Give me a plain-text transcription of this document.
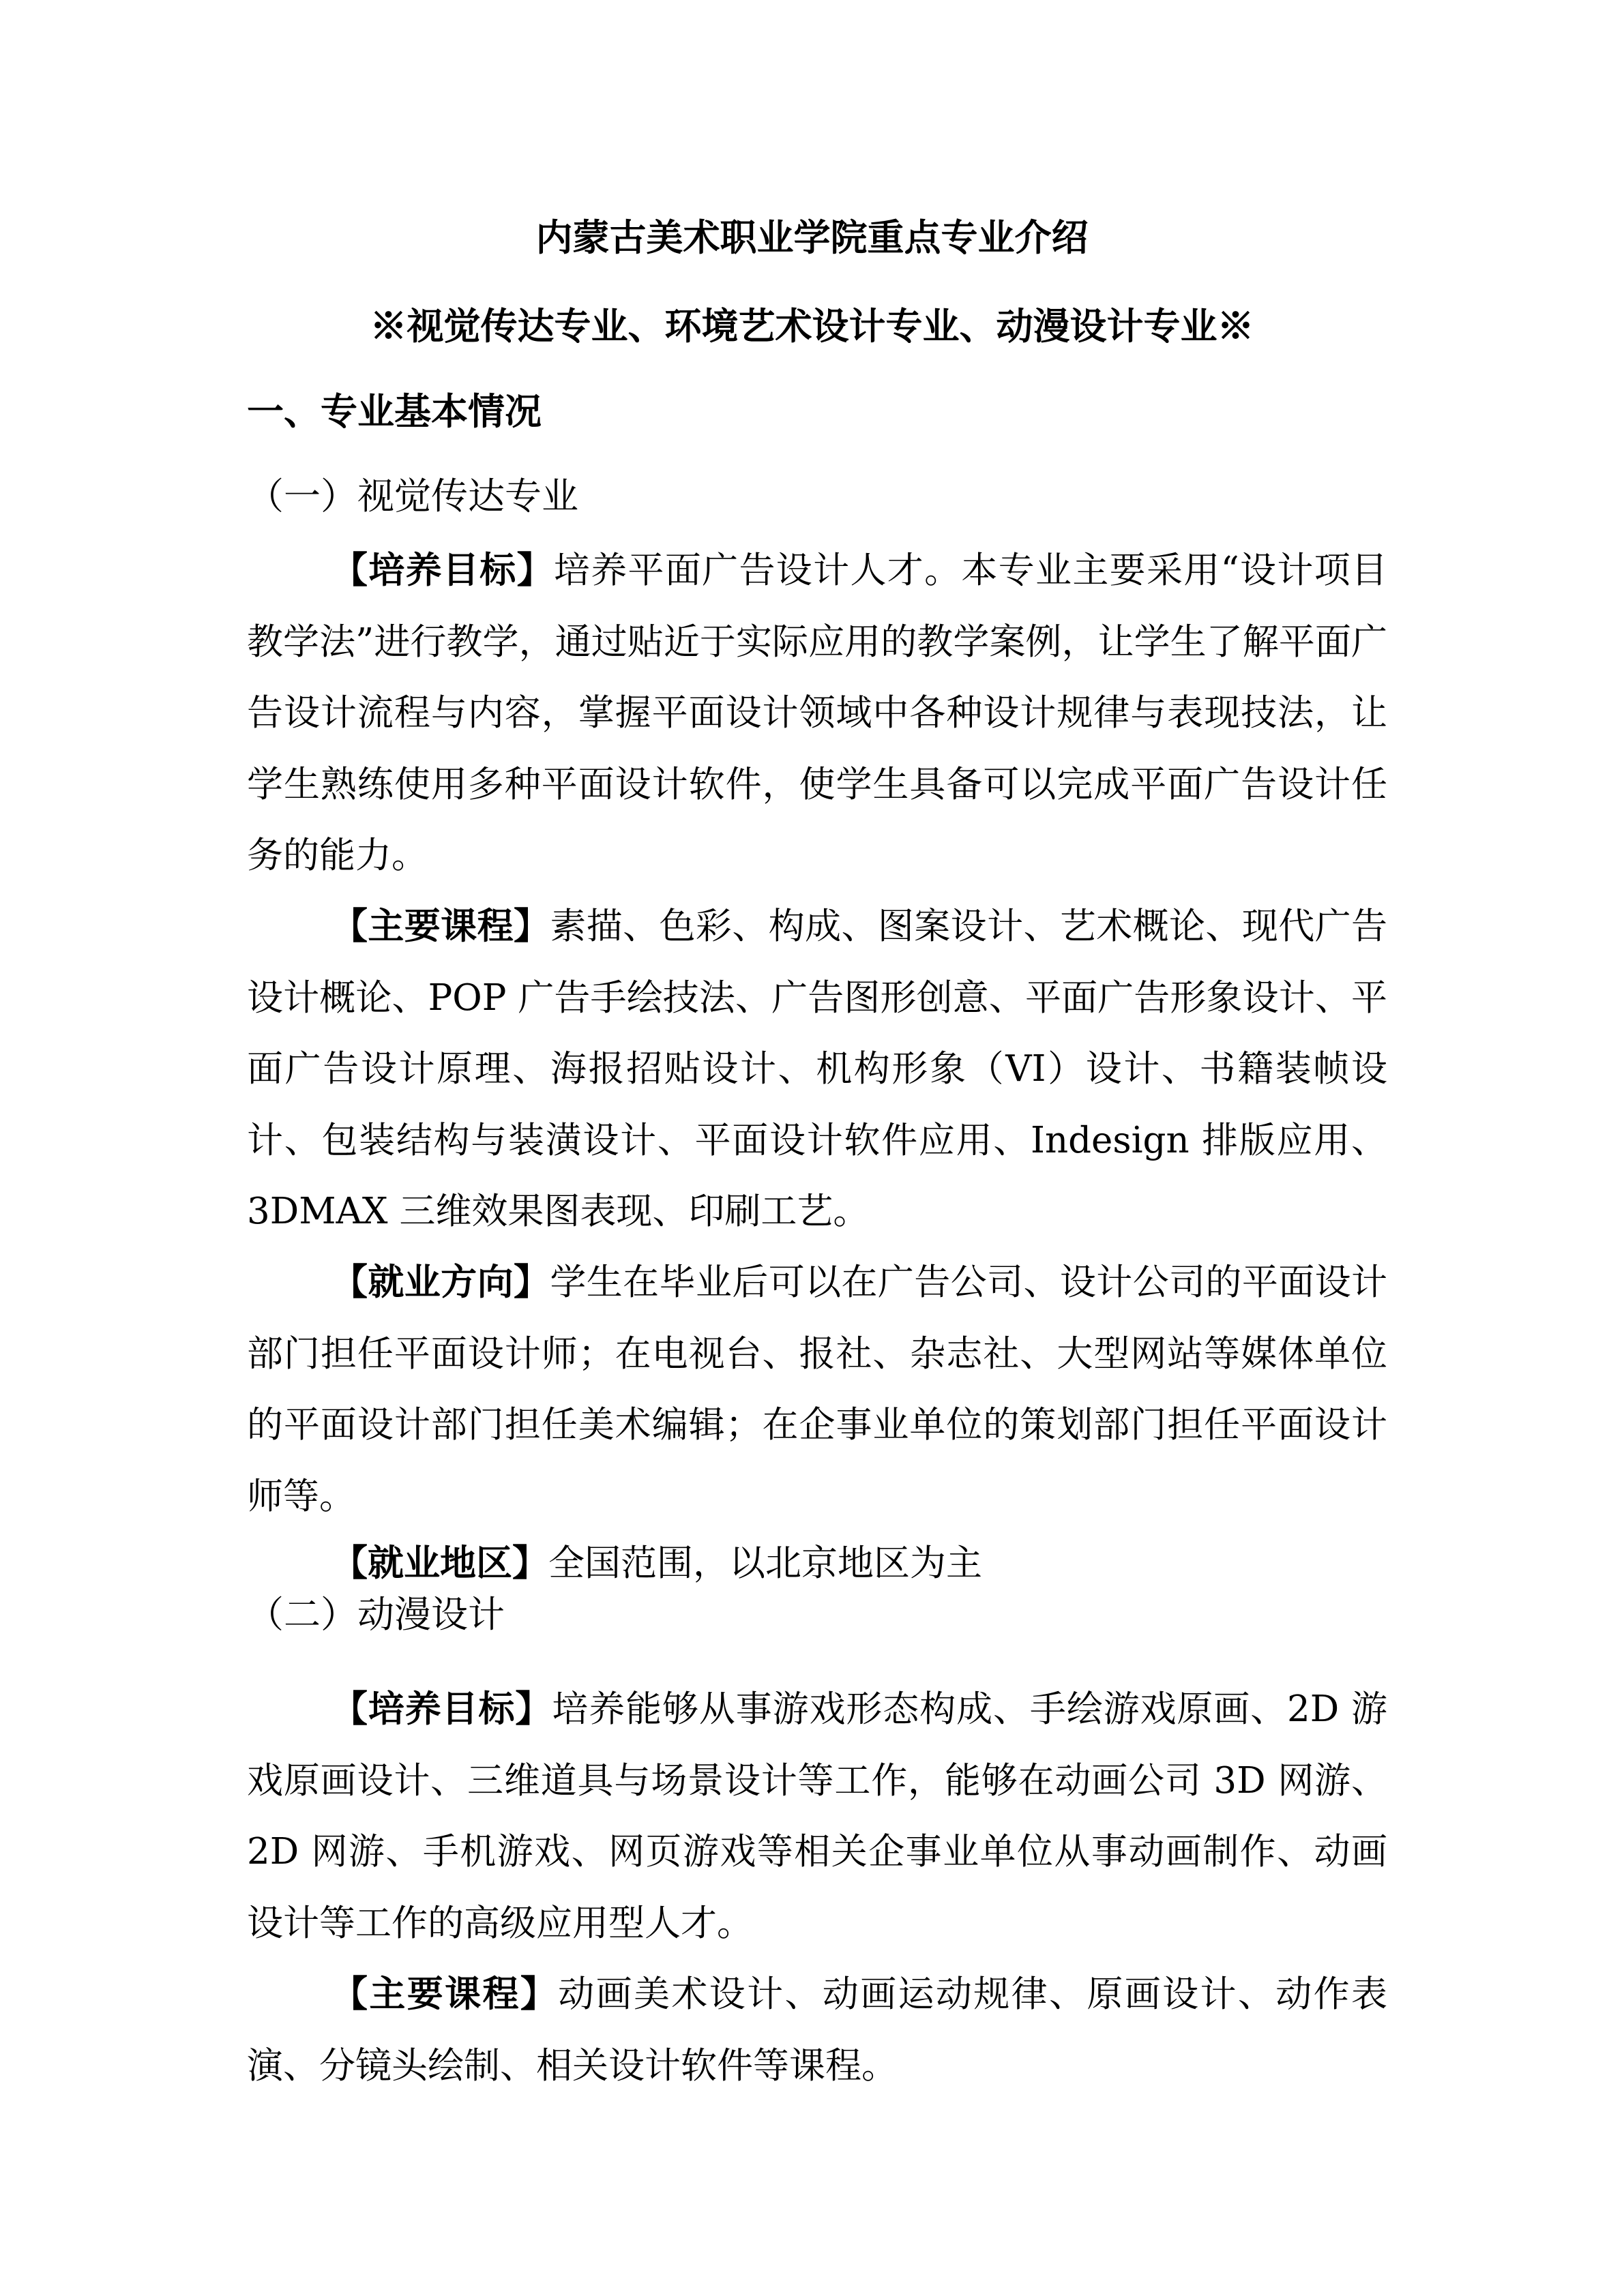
内蒙古美术职业学院重点专业介绍
※视觉传达专业、环境艺术设计专业、动漫设计专业※
一、专业基本情况
（一）视觉传达专业

【培养目标】培养平面广告设计人才。本专业主要采用“设计项目教学法”进行教学，通过贴近于实际应用的教学案例，让学生了解平面广告设计流程与内容，掌握平面设计领域中各种设计规律与表现技法，让学生熟练使用多种平面设计软件，使学生具备可以完成平面广告设计任务的能力。

【主要课程】素描、色彩、构成、图案设计、艺术概论、现代广告设计概论、POP 广告手绘技法、广告图形创意、平面广告形象设计、平面广告设计原理、海报招贴设计、机构形象（VI）设计、书籍装帧设计、包装结构与装潢设计、平面设计软件应用、Indesign 排版应用、3DMAX 三维效果图表现、印刷工艺。

【就业方向】学生在毕业后可以在广告公司、设计公司的平面设计部门担任平面设计师；在电视台、报社、杂志社、大型网站等媒体单位的平面设计部门担任美术编辑；在企事业单位的策划部门担任平面设计师等。

【就业地区】全国范围，以北京地区为主

（二）动漫设计

【培养目标】培养能够从事游戏形态构成、手绘游戏原画、2D 游戏原画设计、三维道具与场景设计等工作，能够在动画公司 3D 网游、2D 网游、手机游戏、网页游戏等相关企事业单位从事动画制作、动画设计等工作的高级应用型人才。

【主要课程】动画美术设计、动画运动规律、原画设计、动作表演、分镜头绘制、相关设计软件等课程。
